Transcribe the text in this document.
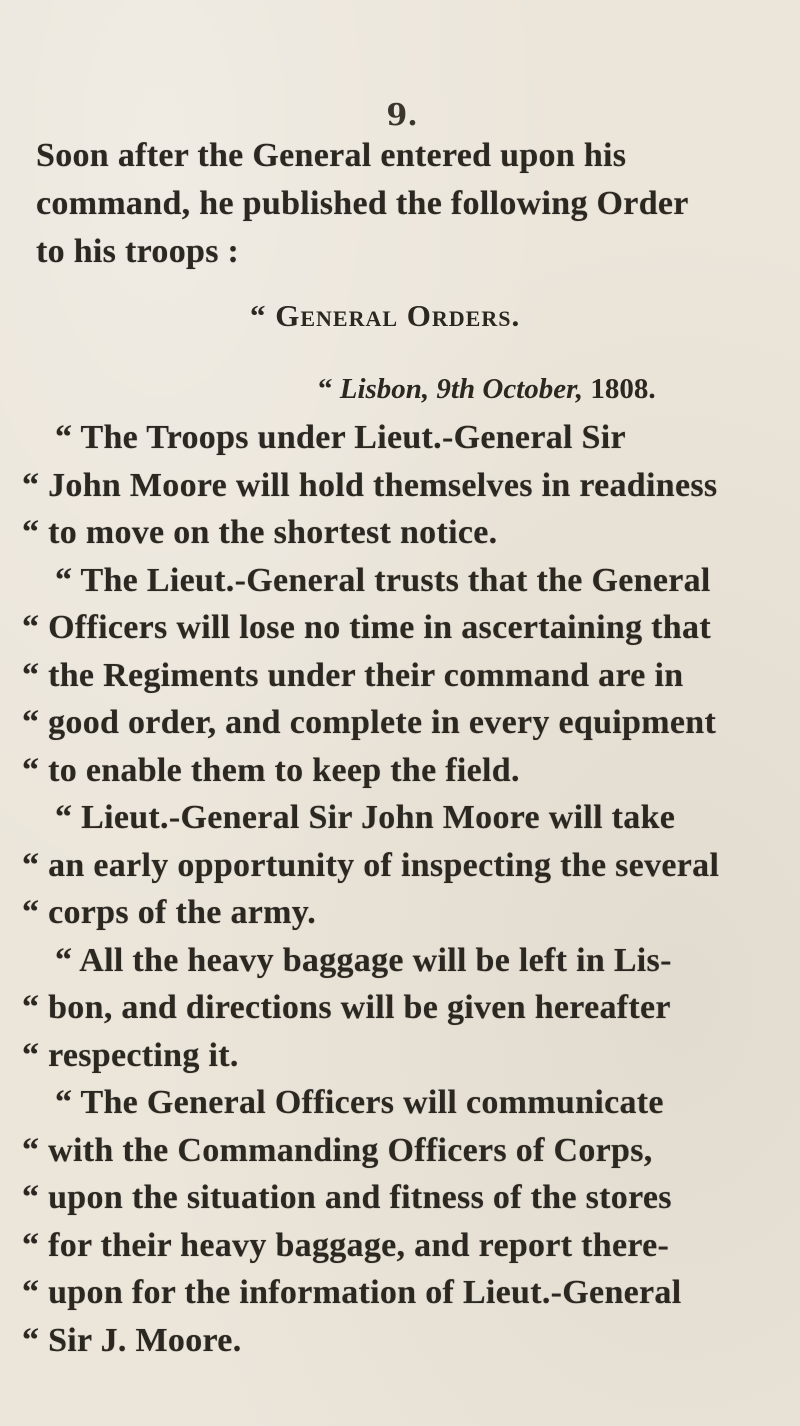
9.
Soon after the General entered upon his
command, he published the following Order
to his troops :
“ General Orders.
“ Lisbon, 9th October, 1808.
“ The Troops under Lieut.-General Sir
“ John Moore will hold themselves in readiness
“ to move on the shortest notice.
“ The Lieut.-General trusts that the General
“ Officers will lose no time in ascertaining that
“ the Regiments under their command are in
“ good order, and complete in every equipment
“ to enable them to keep the field.
“ Lieut.-General Sir John Moore will take
“ an early opportunity of inspecting the several
“ corps of the army.
“ All the heavy baggage will be left in Lis-
“ bon, and directions will be given hereafter
“ respecting it.
“ The General Officers will communicate
“ with the Commanding Officers of Corps,
“ upon the situation and fitness of the stores
“ for their heavy baggage, and report there-
“ upon for the information of Lieut.-General
“ Sir J. Moore.
